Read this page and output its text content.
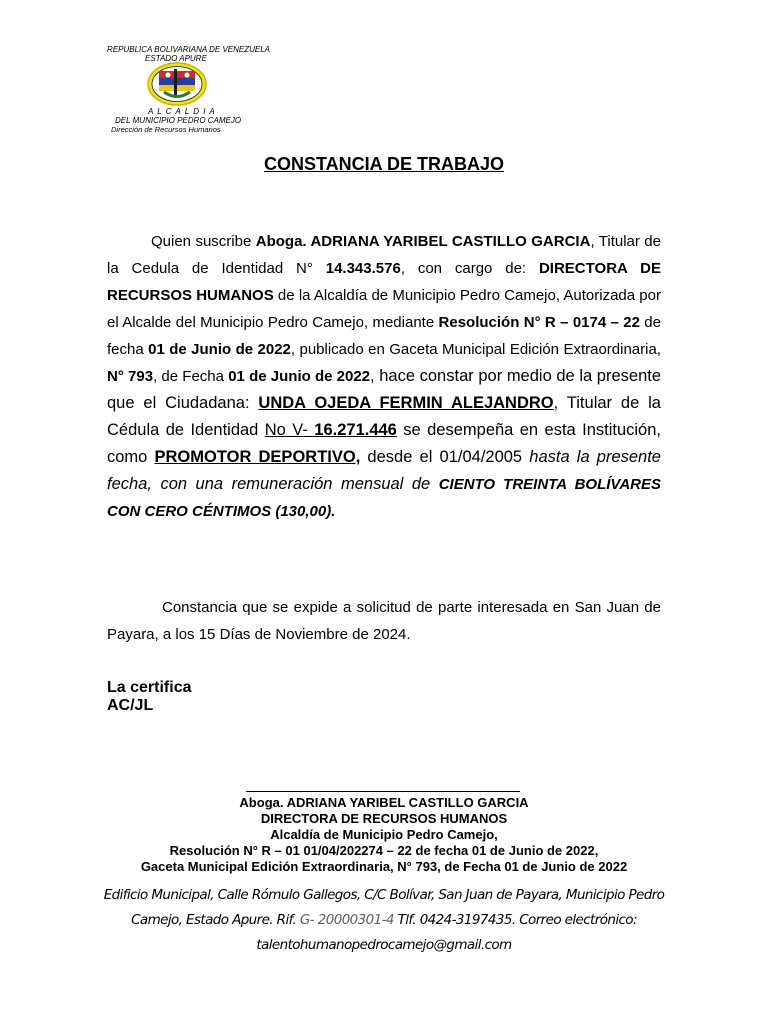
REPUBLICA BOLIVARIANA DE VENEZUELA
ESTADO APURE
A L C A L D I A
DEL MUNICIPIO PEDRO CAMEJO
Dirección de Recursos Humanos
CONSTANCIA DE TRABAJO

Quien suscribe Aboga. ADRIANA YARIBEL CASTILLO GARCIA, Titular de la Cedula de Identidad N° 14.343.576, con cargo de: DIRECTORA DE RECURSOS HUMANOS de la Alcaldía de Municipio Pedro Camejo, Autorizada por el Alcalde del Municipio Pedro Camejo, mediante Resolución N° R – 0174 – 22 de fecha 01 de Junio de 2022, publicado en Gaceta Municipal Edición Extraordinaria, N° 793, de Fecha 01 de Junio de 2022, hace constar por medio de la presente que el Ciudadana: UNDA OJEDA FERMIN ALEJANDRO, Titular de la Cédula de Identidad No V- 16.271.446 se desempeña en esta Institución, como PROMOTOR DEPORTIVO, desde el 01/04/2005 hasta la presente fecha, con una remuneración mensual de CIENTO TREINTA BOLÍVARES CON CERO CÉNTIMOS (130,00).

Constancia que se expide a solicitud de parte interesada en San Juan de Payara, a los 15 Días de Noviembre de 2024.
La certifica
AC/JL
Aboga. ADRIANA YARIBEL CASTILLO GARCIA
DIRECTORA DE RECURSOS HUMANOS
Alcaldía de Municipio Pedro Camejo,
Resolución N° R – 01 01/04/202274 – 22 de fecha 01 de Junio de 2022,
Gaceta Municipal Edición Extraordinaria, N° 793, de Fecha 01 de Junio de 2022
Edificio Municipal, Calle Rómulo Gallegos, C/C Bolívar, San Juan de Payara, Municipio Pedro Camejo, Estado Apure. Rif. G- 20000301-4 Tlf. 0424-3197435. Correo electrónico: talentohumanopedrocamejo@gmail.com
